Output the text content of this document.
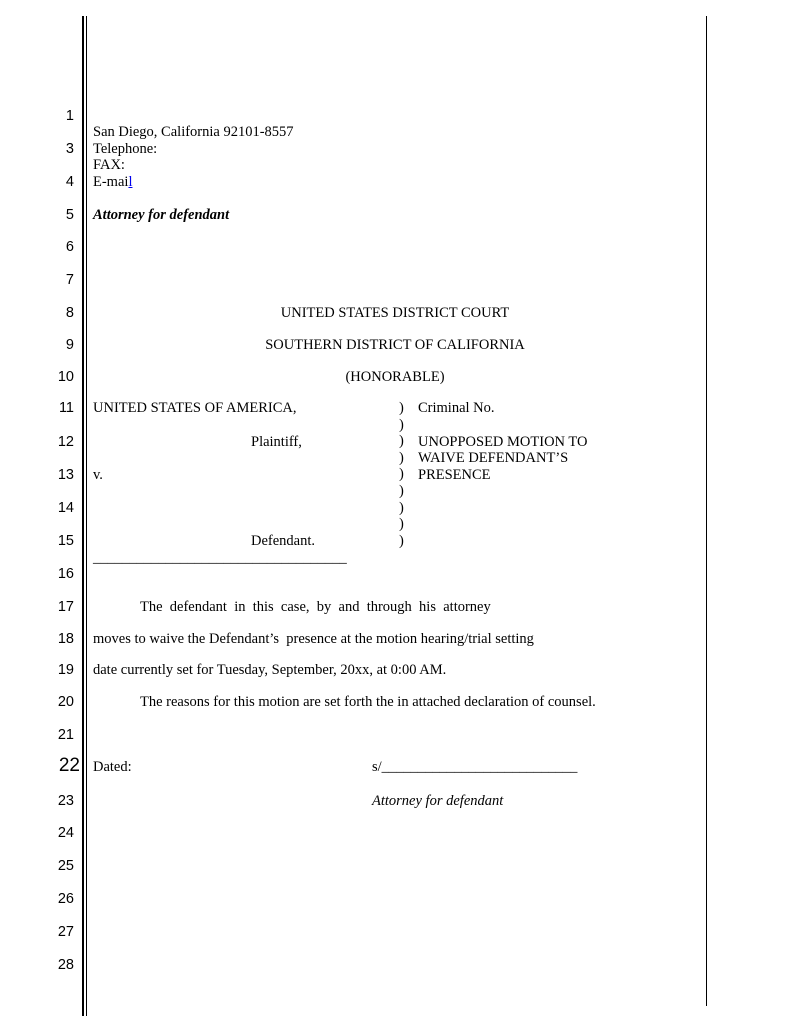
1
3
4
5
6
7
8
9
10
11
12
13
14
15
16
17
18
19
20
21
22
23
24
25
26
27
28
San Diego, California 92101-8557
Telephone:
FAX:
E-mail
Attorney for defendant
UNITED STATES DISTRICT COURT
SOUTHERN DISTRICT OF CALIFORNIA
(HONORABLE)
UNITED STATES OF AMERICA,
Plaintiff,
v.
Defendant.
___________________________________
)
)
)
)
)
)
)
)
)
Criminal No.
UNOPPOSED MOTION TO
WAIVE DEFENDANT’S
PRESENCE
The  defendant  in  this  case,  by  and  through  his  attorney
moves to waive the Defendant’s  presence at the motion hearing/trial setting
date currently set for Tuesday, September, 20xx, at 0:00 AM.
The reasons for this motion are set forth the in attached declaration of counsel.
Dated:	s/___________________________
Attorney for defendant
